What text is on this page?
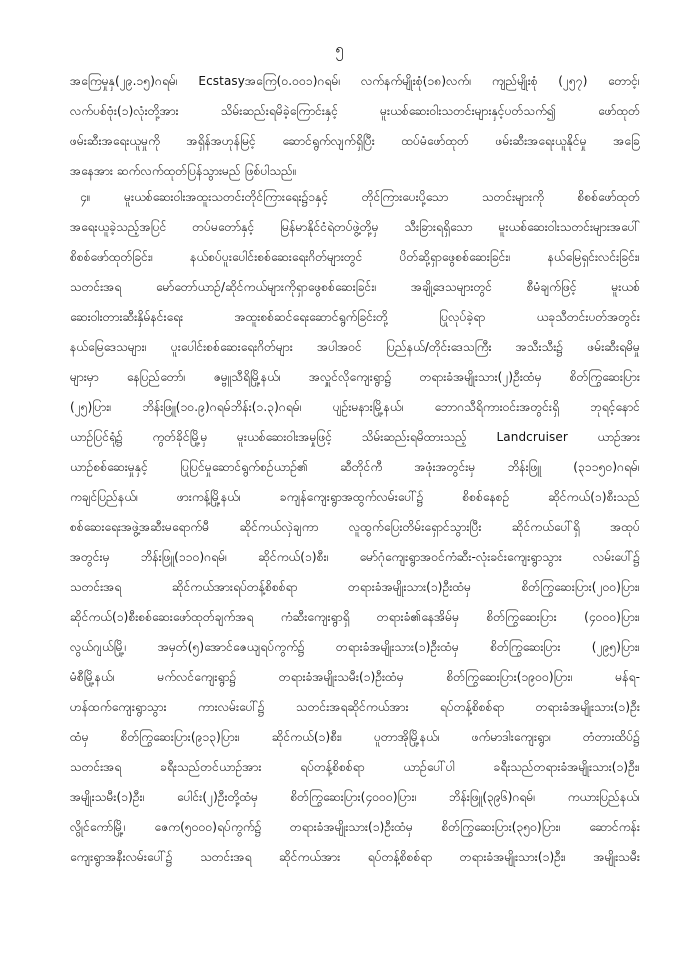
၅
အကြေမှုနှ(၂၉.၁၅)ဂရမ်၊ Ecstasyအကြေ(၀.၀၀၁)ဂရမ်၊ လက်နက်မျိုးစုံ(၁၈)လက်၊ ကျည်မျိုးစုံ (၂၅၇) တောင့်၊
လက်ပစ်ဗုံး(၁)လုံးတို့အား သိမ်းဆည်းရမိခဲ့ကြောင်းနှင့် မူးယစ်ဆေးဝါးသတင်းများနှင့်ပတ်သက်၍ ဖော်ထုတ်
ဖမ်းဆီးအရေးယူမှုကို အရှိန်အဟုန်မြင့် ဆောင်ရွက်လျက်ရှိပြီး ထပ်မံဖော်ထုတ် ဖမ်းဆီးအရေးယူနိုင်မှု အခြေ
အနေအား ဆက်လက်ထုတ်ပြန်သွားမည် ဖြစ်ပါသည်။
၄။ မူးယစ်ဆေးဝါးအထူးသတင်းတိုင်ကြားရေး၌၁နှင့် တိုင်ကြားပေးပို့သော သတင်းများကို စိစစ်ဖော်ထုတ်
အရေးယူခဲ့သည့်အပြင် တပ်မတော်နှင့် မြန်မာနိုင်ငံရဲတပ်ဖွဲ့တို့မှ သီးခြားရရှိသော မူးယစ်ဆေးဝါးသတင်းများအပေါ်
စိစစ်ဖော်ထုတ်ခြင်း၊ နယ်စပ်ပူးပေါင်းစစ်ဆေးရေးဂိတ်များတွင် ပိတ်ဆို့ရှာဖွေစစ်ဆေးခြင်း၊ နယ်မြေရှင်းလင်းခြင်း၊
သတင်းအရ မော်တော်ယာဉ်/ဆိုင်ကယ်များကိုရှာဖွေစစ်ဆေးခြင်း၊ အချို့ဒေသများတွင် စီမံချက်ဖြင့် မူးယစ်
ဆေးဝါးတားဆီးနှိမ်နင်းရေး အထူးစစ်ဆင်ရေးဆောင်ရွက်ခြင်းတို့ ပြုလုပ်ခဲ့ရာ ယခုသီတင်းပတ်အတွင်း
နယ်မြေဒေသများ၊ ပူးပေါင်းစစ်ဆေးရေးဂိတ်များ အပါအဝင် ပြည်နယ်/တိုင်းဒေသကြီး အသီးသီး၌ ဖမ်းဆီးရမိမှု
များမှာ နေပြည်တော်၊ ဇမ္ဗူသီရိမြို့နယ်၊ အလှူင်လိုကျေးရွာ၌ တရားခံအမျိုးသား(၂)ဦးထံမှ စိတ်ကြွဆေးပြား
(၂၅)ပြား၊ ဘိန်းဖြူ(၁၀.၉)ဂရမ်ဘိန်း(၁.၃)ဂရမ်၊ ပျဉ်းမနားမြို့နယ်၊ ဘောဂသီရိကားဝင်းအတွင်းရှိ ဘုရင့်နောင်
ယာဉ်ပြင်ရုံ၌ ကွတ်ခိုင်မြို့မှ မူးယစ်ဆေးဝါးအမှုဖြင့် သိမ်းဆည်းရမိထားသည့် Landcruiser ယာဉ်အား
ယာဉ်စစ်ဆေးမှုနှင့် ပြုပြင်မှုဆောင်ရွက်စဉ်ယာဉ်၏ ဆီတိုင်ကီ အဖုံးအတွင်းမှ ဘိန်းဖြူ (၃၁၁၅၀)ဂရမ်၊
ကချင်ပြည်နယ်၊ ဖားကန့်မြို့နယ်၊ ခကျန်ကျေးရွာအထွက်လမ်းပေါ်၌ စိစစ်နေစဉ် ဆိုင်ကယ်(၁)စီးသည်
စစ်ဆေးရေးအဖွဲ့အဆီးမရောက်မီ ဆိုင်ကယ်လှဲချကာ လူထွက်ပြေးတိမ်းရှောင်သွားပြီး ဆိုင်ကယ်ပေါ်ရှိ အထုပ်
အတွင်းမှ ဘိန်းဖြူ(၁၁၀)ဂရမ်၊ ဆိုင်ကယ်(၁)စီး၊ မော်ဂုံကျေးရွာအဝင်ကံဆီး-လုံးခင်းကျေးရွာသွား လမ်းပေါ်၌
သတင်းအရ ဆိုင်ကယ်အားရပ်တန့်စိစစ်ရာ တရားခံအမျိုးသား(၁)ဦးထံမှ စိတ်ကြွဆေးပြား(၂၀၀)ပြား၊
ဆိုင်ကယ်(၁)စီးစစ်ဆေးဖော်ထုတ်ချက်အရ ကံဆီးကျေးရွာရှိ တရားခံ၏နေအိမ်မှ စိတ်ကြွဆေးပြား (၄၀၀၀)ပြား၊
လွယ်ဂျယ်မြို့၊ အမှတ်(၅)အောင်ဇေယျရပ်ကွက်၌ တရားခံအမျိုးသား(၁)ဦးထံမှ စိတ်ကြွဆေးပြား (၂၉၅)ပြား၊
မံစီမြို့နယ်၊ မက်လင်ကျေးရွာ၌ တရားခံအမျိုးသမီး(၁)ဦးထံမှ စိတ်ကြွဆေးပြား(၁၉၀၀)ပြား၊ မန်ရ-
ဟန်ထက်ကျေးရွာသွား ကားလမ်းပေါ်၌ သတင်းအရဆိုင်ကယ်အား ရပ်တန့်စိစစ်ရာ တရားခံအမျိုးသား(၁)ဦး
ထံမှ စိတ်ကြွဆေးပြား(၉၁၃)ပြား၊ ဆိုင်ကယ်(၁)စီး၊ ပူတာအိုမြို့နယ်၊ ဖက်မာဒါးကျေးရွာ၊ တံတားထိပ်၌
သတင်းအရ ခရီးသည်တင်ယာဉ်အား ရပ်တန့်စိစစ်ရာ ယာဉ်ပေါ်ပါ ခရီးသည်တရားခံအမျိုးသား(၁)ဦး၊
အမျိုးသမီး(၁)ဦး၊ ပေါင်း(၂)ဦးတို့ထံမှ စိတ်ကြွဆေးပြား(၄၀၀၀)ပြား၊ ဘိန်းဖြူ(၃၉၆)ဂရမ်၊ ကယားပြည်နယ်၊
လွိုင်ကော်မြို့၊ ဇေက(၅၀၀၀)ရပ်ကွက်၌ တရားခံအမျိုးသား(၁)ဦးထံမှ စိတ်ကြွဆေးပြား(၃၅၀)ပြား၊ ဆောင်ကန်း
ကျေးရွာအနီးလမ်းပေါ်၌ သတင်းအရ ဆိုင်ကယ်အား ရပ်တန့်စိစစ်ရာ တရားခံအမျိုးသား(၁)ဦး၊ အမျိုးသမီး
